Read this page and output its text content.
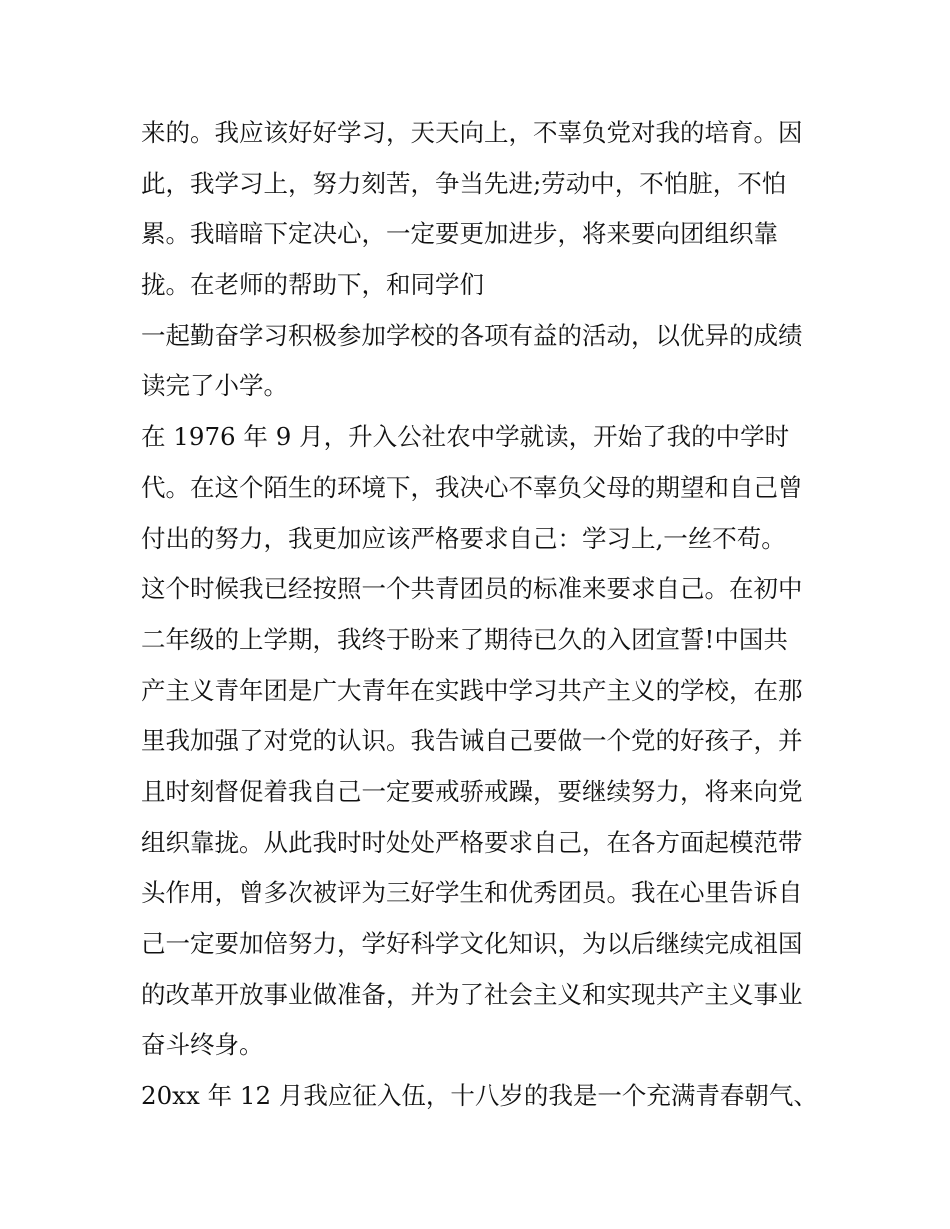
来的。我应该好好学习，天天向上，不辜负党对我的培育。因
此，我学习上，努力刻苦，争当先进;劳动中，不怕脏，不怕
累。我暗暗下定决心，一定要更加进步，将来要向团组织靠
拢。在老师的帮助下，和同学们
一起勤奋学习积极参加学校的各项有益的活动，以优异的成绩
读完了小学。
在 1976 年 9 月，升入公社农中学就读，开始了我的中学时
代。在这个陌生的环境下，我决心不辜负父母的期望和自己曾
付出的努力，我更加应该严格要求自己：学习上,一丝不苟。
这个时候我已经按照一个共青团员的标准来要求自己。在初中
二年级的上学期，我终于盼来了期待已久的入团宣誓!中国共
产主义青年团是广大青年在实践中学习共产主义的学校，在那
里我加强了对党的认识。我告诫自己要做一个党的好孩子，并
且时刻督促着我自己一定要戒骄戒躁，要继续努力，将来向党
组织靠拢。从此我时时处处严格要求自己，在各方面起模范带
头作用，曾多次被评为三好学生和优秀团员。我在心里告诉自
己一定要加倍努力，学好科学文化知识，为以后继续完成祖国
的改革开放事业做准备，并为了社会主义和实现共产主义事业
奋斗终身。
20xx 年 12 月我应征入伍，十八岁的我是一个充满青春朝气、
